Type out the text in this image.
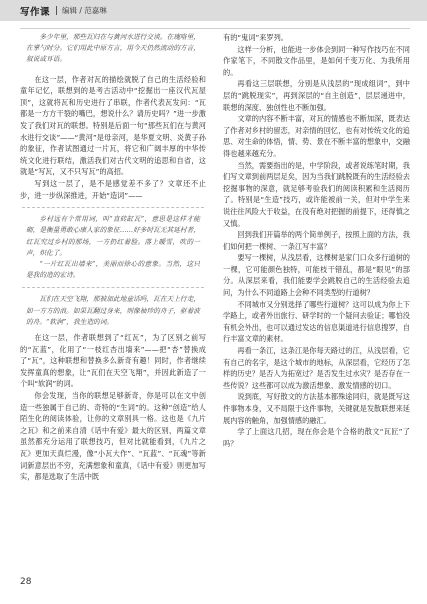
写作课 编辑 / 范嘉琳

多少年里，那些瓦归在与黄河水进行交谈。在瑰咯里，在掌勺时分。它们用此中原方言，用今天仍然流动的方言，叙说或耳语。

在这一层，作者对瓦的描绘就脱了自己的生活经验和童年记忆，联想到的是考古活动中“挖掘出一座汉代瓦屋顶”，这就将瓦和历史进行了串联，作者代表瓦发问：“瓦都是一方方干裂的嘴巴，想说什么？请历史吗？”进一步激发了我们对瓦的联想。特别是后面一句“那些瓦们在与黄河水进行交谈”——“黄河”是母亲河，是华夏文明、炎黄子孙的象征，作者试图通过一片瓦，将它和广阔丰厚的中华传统文化进行联结，激活我们对古代文明的追思和自省，这就是“写瓦，又不只写瓦”的高招。

写到这一层了，是不是感觉差不多了？文章还不止步，进一步纵深推进，开始“造词”——

乡村远有个常用词，叫“直砖缸瓦”，意思是这样才能砌，是衡量勇敢心康人家的象征……好多时瓦无其延村者，红瓦究过乡村的那场，一方扔红着脸。落上暖雪，吹的一声，炽化了。

“一片红瓦出墙来”，美丽而徐心的意象。当然，这只是我的造的宏诗。

瓦们在天空飞翔，那被加此地童话吗，瓦在天上行走，如一方方的浪。如果瓦翻过身来，则像袖珍的舟子，驱着波的舟。“软润”，我生造的词。

在这一层，作者联想到了“红瓦”，为了区别之前写的“瓦蓝”，化用了“一枝红杏出墙来”——把“杏”替换成了“瓦”，这种联想和替换多么新奇有趣！同时，作者继续发挥童真的想象，让“瓦们在天空飞翔”，并因此新造了一个叫“软润”的词。

你会发现，当你的联想足够新奇，你是可以在文中创造一些独属于自己的、奇特的“生词”的。这种“创造”给人陌生化的阅读体验，让你的文章别具一格。这也是《九片之瓦》和之前来自清《话中有爱》最大的区别，两篇文章虽然都充分运用了联想技巧，但对比就能看到，《九片之瓦》更加天真烂漫，像“小瓦大作”、“瓦蓝”、“瓦魂”等新词新意层出不穷，充满想象和童真，《话中有爱》则更加写实，都是选取了生活中既

有的“鬼词”来罗列。

这样一分析，也能进一步体会到同一种写作技巧在不同作家笔下，不同散文作品里，是如何千变万化、为我所用的。

再看这三层联想，分别是从浅层的“现成组词”，到中层的“跳脱现实”，再到深层的“自主创造”，层层递进中，联想的深度、独创性也不断加强。

文章的内容不断丰富，对瓦的情感也不断加深，既表达了作者对乡村的留恋，对亲情的回忆，也有对传统文化的追思、对生命的体悟，情、势、景在不断丰富的想象中，交融得也越来越充分。

当然，需要指出的是，中学阶段，或者说练笔时期，我们写文章到前两层足矣，因为当我们跳脱既有的生活经验去挖掘事物的深意，就足够考验我们的阅读积累和生活阅历了。特别是“生造”技巧，或许能被前一关，但对中学生来说往往风险大于收益，在没有绝对把握的前提下，还得慎之又慎。

回到我们开篇举的两个简单例子，按照上面的方法，我们如何把一棵树、一条江写丰富？

要写一棵树，从浅层看，这棵树是家门口众多行道树的一棵，它可能颜色独特，可能枝干错乱，都是“眼见”的部分。从深层来看，我们能要学会跳脱自己的生活经验去追问，为什么不同道路上会种不同类型的行道树？

不同城市又分别选择了哪些行道树？这可以成为你上下学路上，或者外出旅行、研学时的一个疑问去验证；哪怕没有机会外出，也可以通过发达的信息渠道进行信息搜罗，自行丰富文章的素材。

再看一条江，这条江是你每天路过的江，从浅层看，它有自己的名字，是这个城市的地标，从深层看，它经历了怎样的历史？是否人为拓宽过？是否发生过水灾？是否存在一些传说？这些都可以成为激活想象、激发情感的切口。

说到底，写好散文的方法基本都殊途同归，就是既写这件事物本身，又不局限于这件事物，关键就是发散联想来延展内容的触角，加强情感的融汇。

学了上面这几招，现在你会是个合格的散文“瓦匠”了吗？

28
